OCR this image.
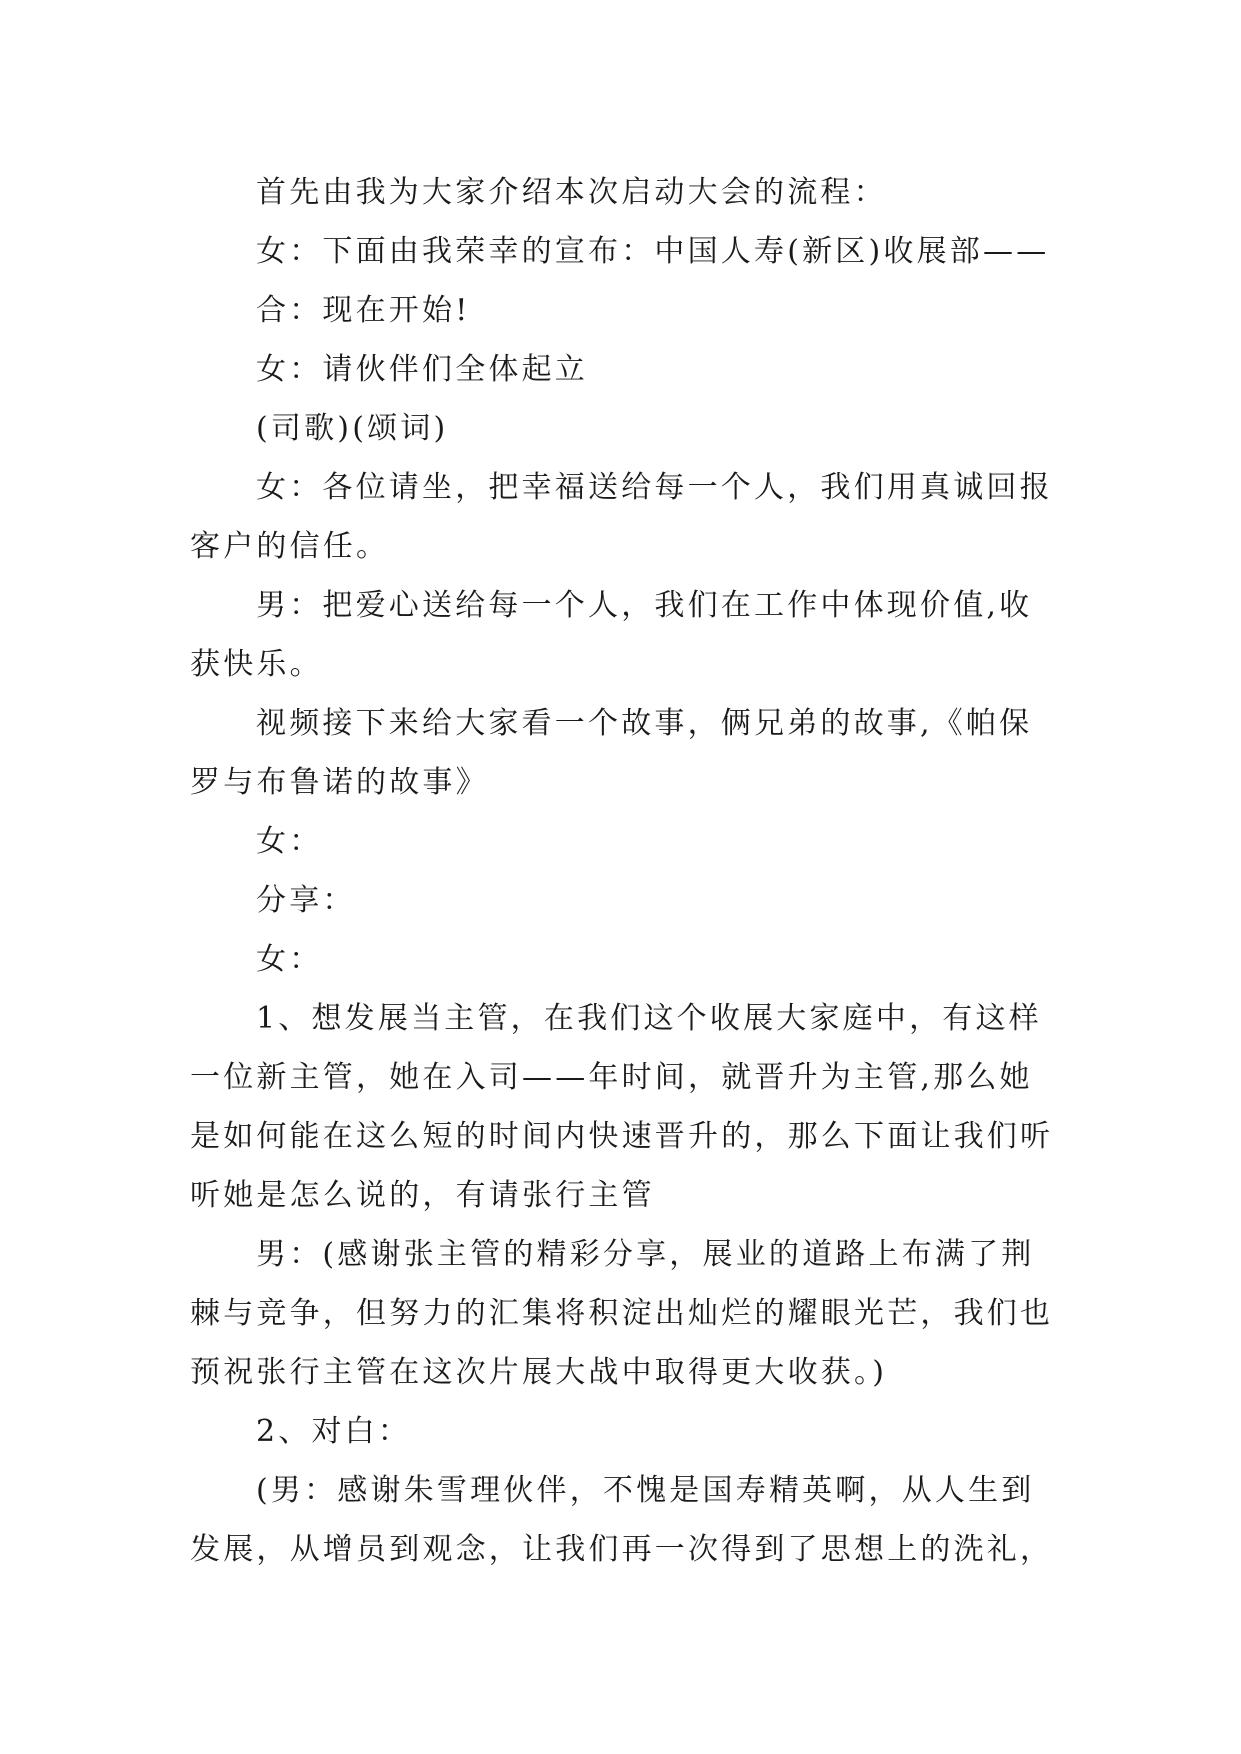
首先由我为大家介绍本次启动大会的流程：

女：下面由我荣幸的宣布：中国人寿(新区)收展部——

合：现在开始!

女：请伙伴们全体起立

(司歌)(颂词)

女：各位请坐，把幸福送给每一个人，我们用真诚回报客户的信任。

男：把爱心送给每一个人，我们在工作中体现价值,收获快乐。

视频接下来给大家看一个故事，俩兄弟的故事,《帕保罗与布鲁诺的故事》

女：

分享：

女：

1、想发展当主管，在我们这个收展大家庭中，有这样一位新主管，她在入司——年时间，就晋升为主管,那么她是如何能在这么短的时间内快速晋升的，那么下面让我们听听她是怎么说的，有请张行主管

男：(感谢张主管的精彩分享，展业的道路上布满了荆棘与竞争，但努力的汇集将积淀出灿烂的耀眼光芒，我们也预祝张行主管在这次片展大战中取得更大收获。)

2、对白：

(男：感谢朱雪理伙伴，不愧是国寿精英啊，从人生到发展，从增员到观念，让我们再一次得到了思想上的洗礼，
